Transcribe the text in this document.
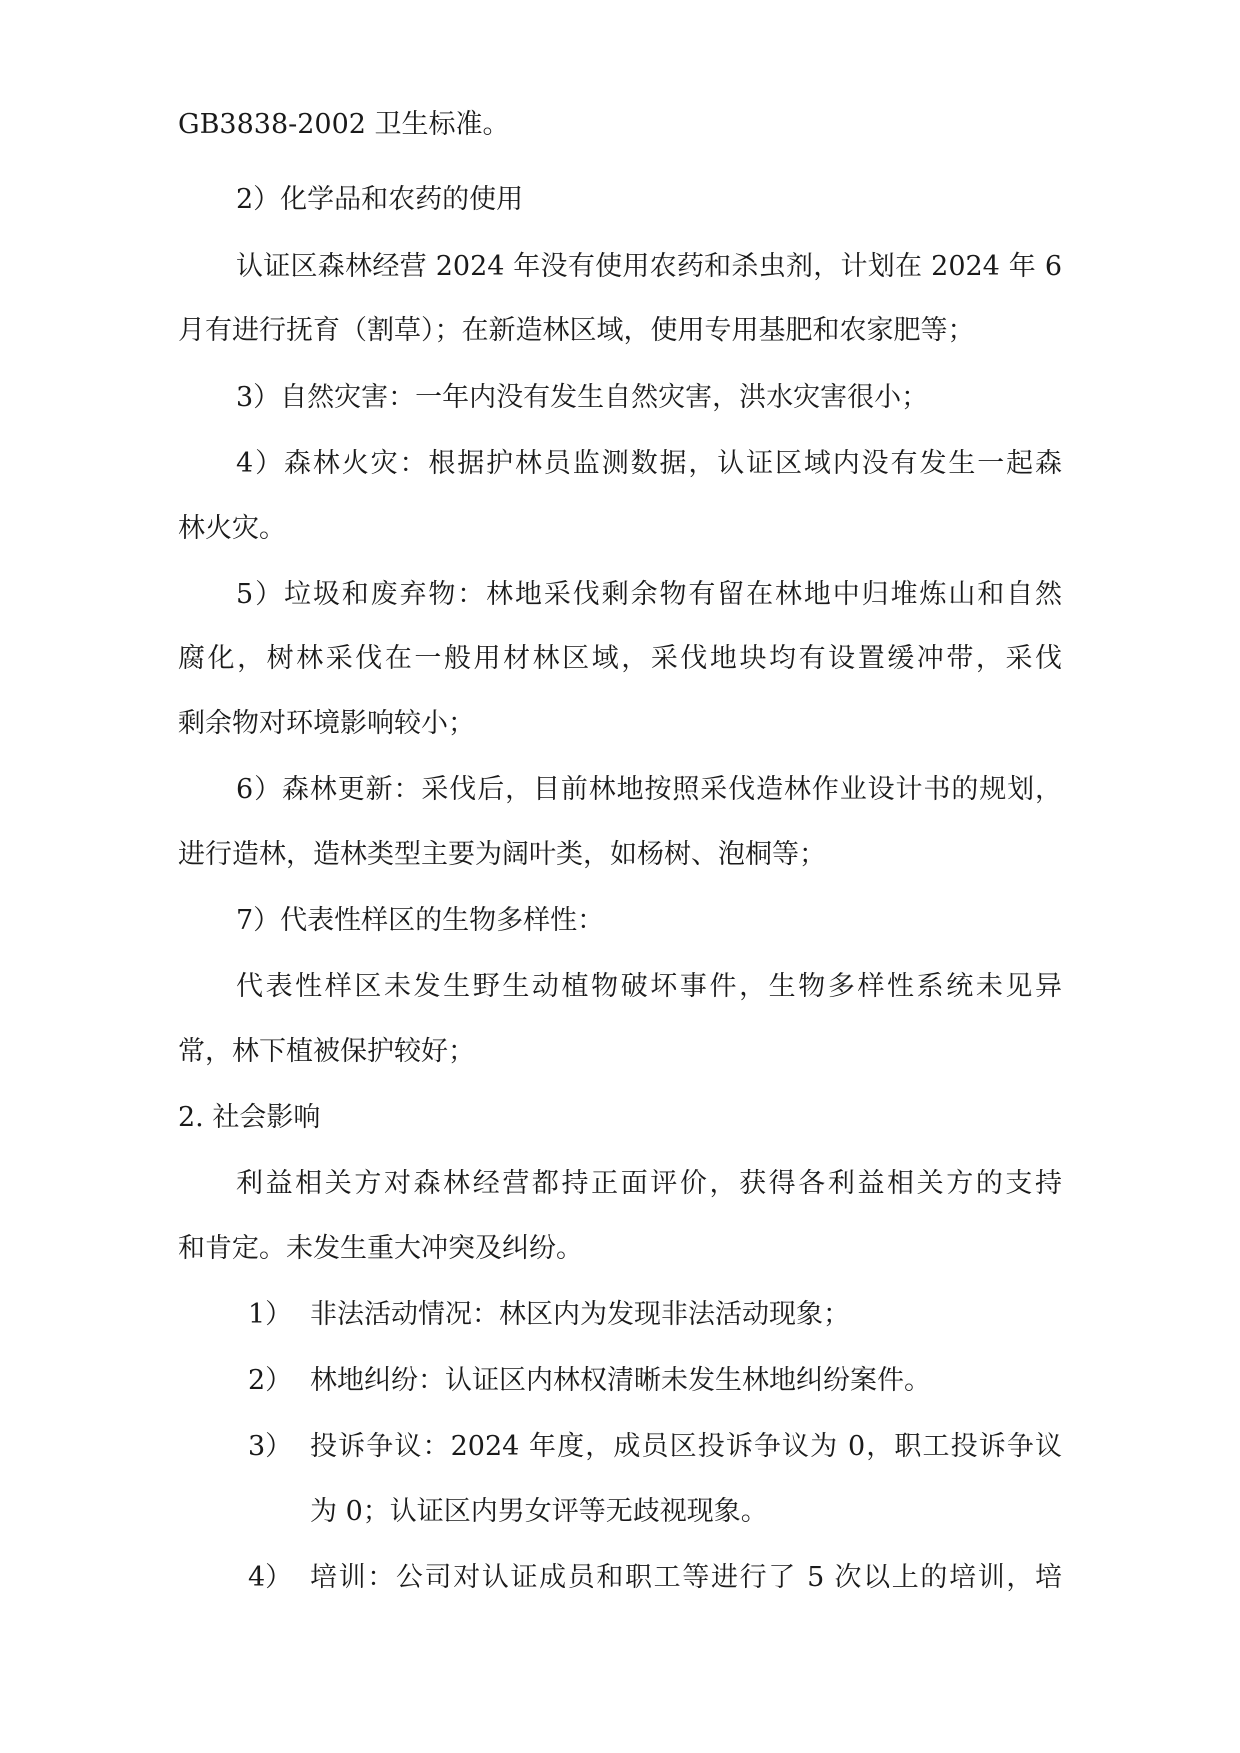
GB3838-2002 卫生标准。
2）化学品和农药的使用
认证区森林经营 2024 年没有使用农药和杀虫剂，计划在 2024 年 6
月有进行抚育（割草）；在新造林区域，使用专用基肥和农家肥等；
3）自然灾害：一年内没有发生自然灾害，洪水灾害很小；
4）森林火灾：根据护林员监测数据，认证区域内没有发生一起森
林火灾。
5）垃圾和废弃物：林地采伐剩余物有留在林地中归堆炼山和自然
腐化，树林采伐在一般用材林区域，采伐地块均有设置缓冲带，采伐
剩余物对环境影响较小；
6）森林更新：采伐后，目前林地按照采伐造林作业设计书的规划，
进行造林，造林类型主要为阔叶类，如杨树、泡桐等；
7）代表性样区的生物多样性：
代表性样区未发生野生动植物破坏事件，生物多样性系统未见异
常，林下植被保护较好；
2. 社会影响
利益相关方对森林经营都持正面评价，获得各利益相关方的支持
和肯定。未发生重大冲突及纠纷。
1） 非法活动情况：林区内为发现非法活动现象；
2） 林地纠纷：认证区内林权清晰未发生林地纠纷案件。
3） 投诉争议：2024 年度，成员区投诉争议为 0，职工投诉争议
为 0；认证区内男女评等无歧视现象。
4） 培训：公司对认证成员和职工等进行了 5 次以上的培训，培
